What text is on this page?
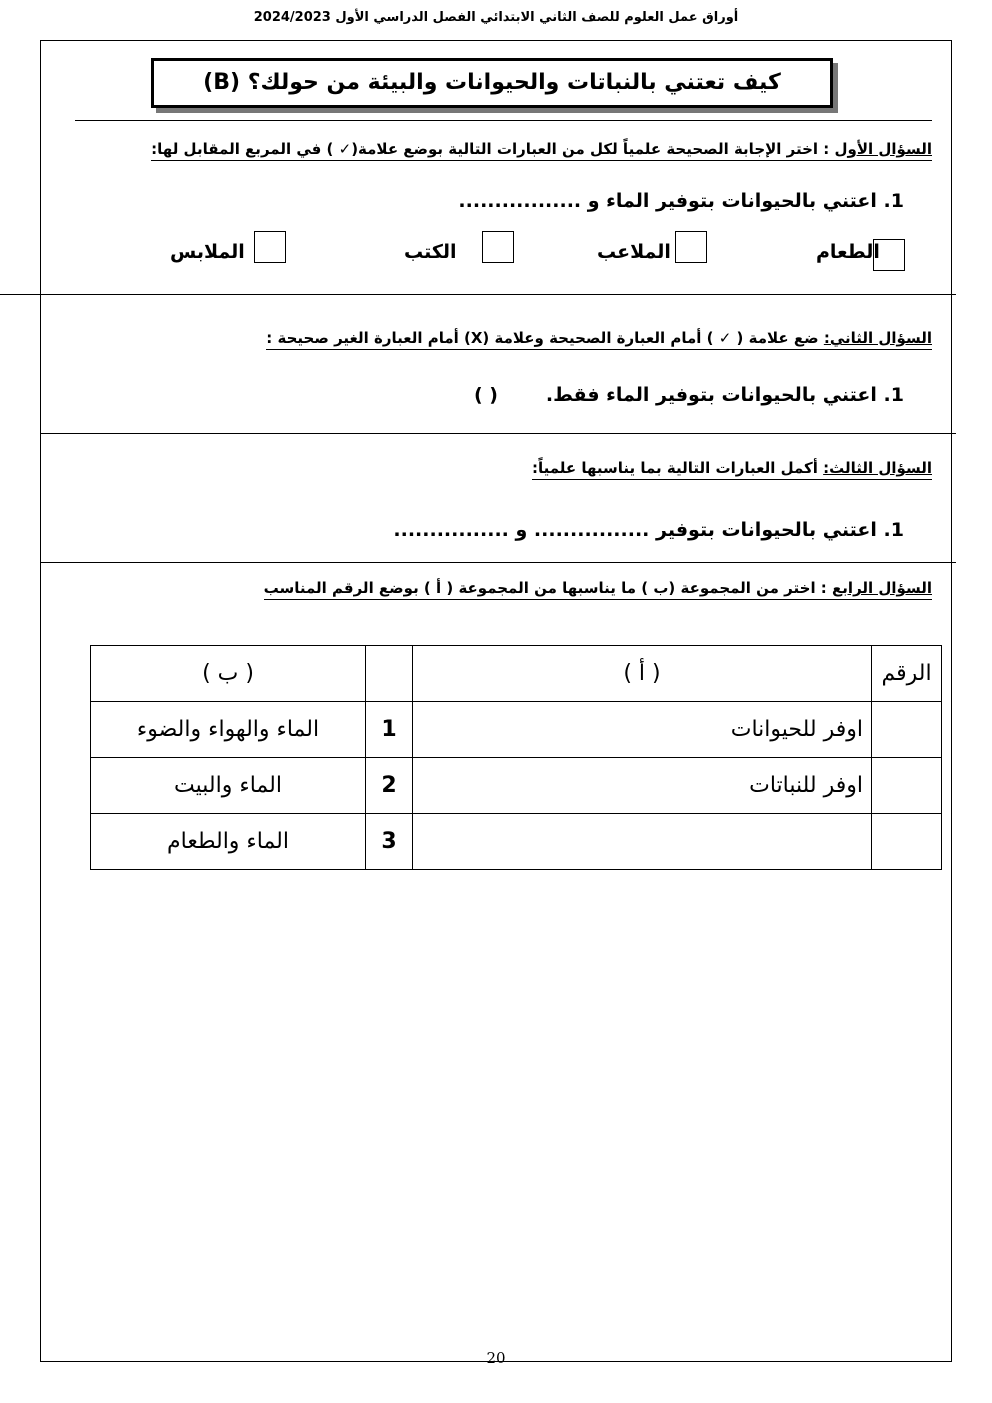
أوراق عمل العلوم للصف الثاني الابتدائي الفصل الدراسي الأول 2024/2023
كيف تعتني بالنباتات والحيوانات والبيئة من حولك؟ (B)
السؤال الأول : اختر الإجابة الصحيحة علمياً لكل من العبارات التالية بوضع علامة(✓ ) في المربع المقابل لها:
1. اعتني بالحيوانات بتوفير الماء و .................
الطعام
الملاعب
الكتب
الملابس
السؤال الثاني: ضع علامة ( ✓ ) أمام العبارة الصحيحة وعلامة (X) أمام العبارة الغير صحيحة :
1. اعتني بالحيوانات بتوفير الماء فقط.
( )
السؤال الثالث: أكمل العبارات التالية بما يناسبها علمياً:
1. اعتني بالحيوانات بتوفير ................ و ................
السؤال الرابع : اختر من المجموعة (ب ) ما يناسبها من المجموعة ( أ ) بوضع الرقم المناسب
( ب )		( أ )	الرقم
الماء والهواء والضوء	1	اوفر للحيوانات	
الماء والبيت	2	اوفر للنباتات	
الماء والطعام	3		
20
